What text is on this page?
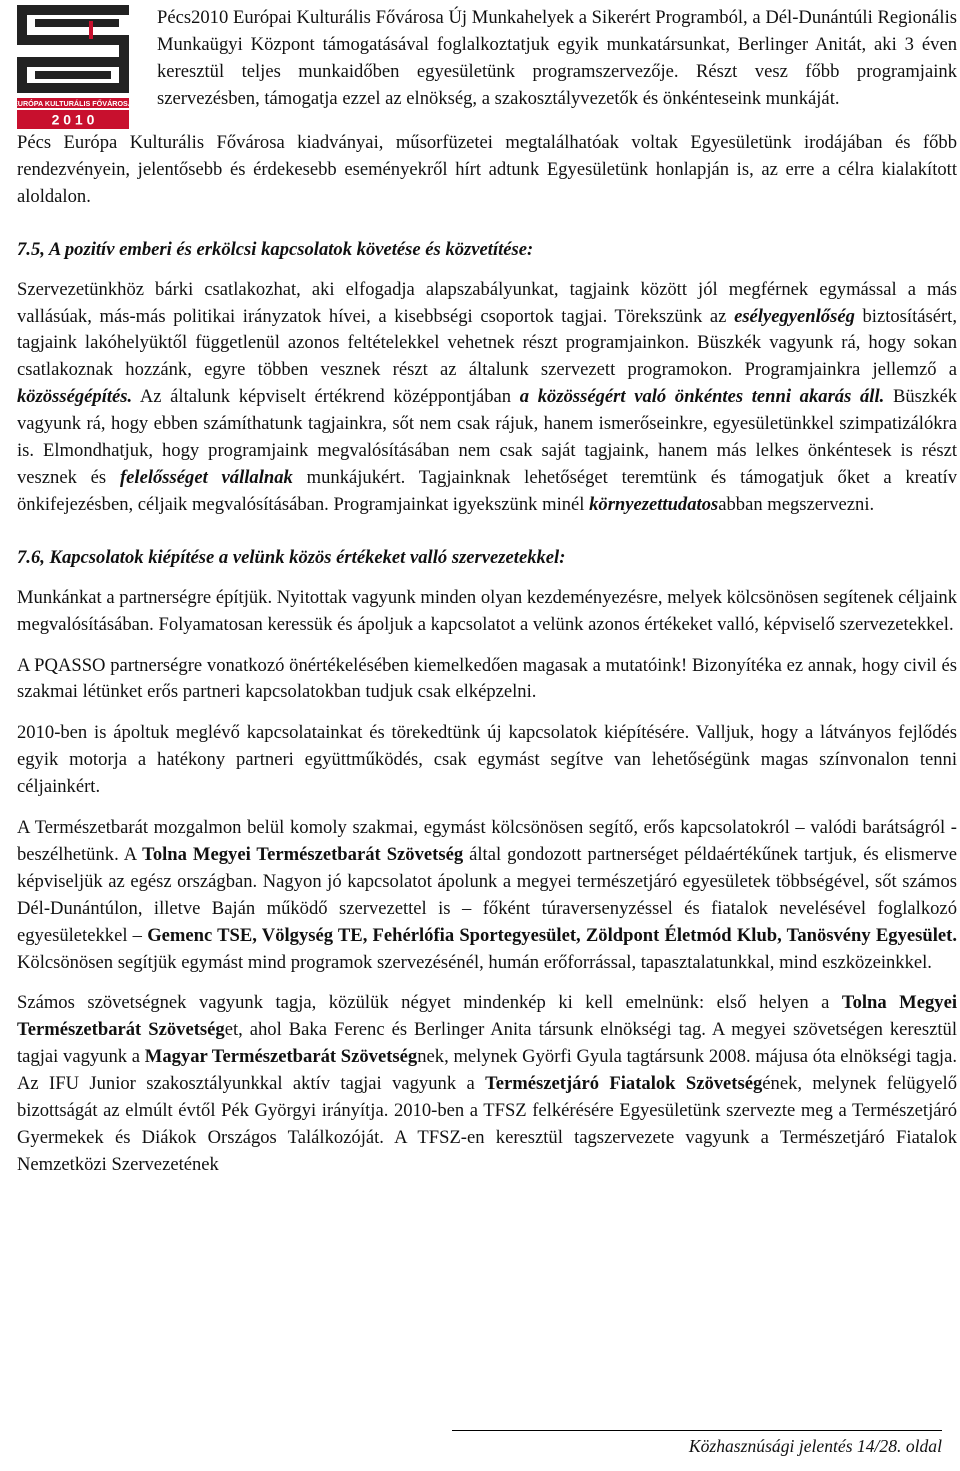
EURÓPA KULTURÁLIS FŐVÁROSA
2 0 1 0

Pécs2010 Európai Kulturális Fővárosa Új Munkahelyek a Sikerért Programból, a Dél-Dunántúli Regionális Munkaügyi Központ támogatásával foglalkoztatjuk egyik munkatársunkat, Berlinger Anitát, aki 3 éven keresztül teljes munkaidőben egyesületünk programszervezője. Részt vesz főbb programjaink szervezésben, támogatja ezzel az elnökség, a szakosztályvezetők és önkénteseink munkáját.

Pécs Európa Kulturális Fővárosa kiadványai, műsorfüzetei megtalálhatóak voltak Egyesületünk irodájában és főbb rendezvényein, jelentősebb és érdekesebb eseményekről hírt adtunk Egyesületünk honlapján is, az erre a célra kialakított aloldalon.

7.5, A pozitív emberi és erkölcsi kapcsolatok követése és közvetítése:

Szervezetünkhöz bárki csatlakozhat, aki elfogadja alapszabályunkat, tagjaink között jól megférnek egymással a más vallásúak, más-más politikai irányzatok hívei, a kisebbségi csoportok tagjai. Törekszünk az esélyegyenlőség biztosításért, tagjaink lakóhelyüktől függetlenül azonos feltételekkel vehetnek részt programjainkon. Büszkék vagyunk rá, hogy sokan csatlakoznak hozzánk, egyre többen vesznek részt az általunk szervezett programokon. Programjainkra jellemző a közösségépítés. Az általunk képviselt értékrend középpontjában a közösségért való önkéntes tenni akarás áll. Büszkék vagyunk rá, hogy ebben számíthatunk tagjainkra, sőt nem csak rájuk, hanem ismerőseinkre, egyesületünkkel szimpatizálókra is. Elmondhatjuk, hogy programjaink megvalósításában nem csak saját tagjaink, hanem más lelkes önkéntesek is részt vesznek és felelősséget vállalnak munkájukért. Tagjainknak lehetőséget teremtünk és támogatjuk őket a kreatív önkifejezésben, céljaik megvalósításában. Programjainkat igyekszünk minél környezettudatosabban megszervezni.

7.6, Kapcsolatok kiépítése a velünk közös értékeket valló szervezetekkel:

Munkánkat a partnerségre építjük. Nyitottak vagyunk minden olyan kezdeményezésre, melyek kölcsönösen segítenek céljaink megvalósításában. Folyamatosan keressük és ápoljuk a kapcsolatot a velünk azonos értékeket valló, képviselő szervezetekkel.

A PQASSO partnerségre vonatkozó önértékelésében kiemelkedően magasak a mutatóink! Bizonyítéka ez annak, hogy civil és szakmai létünket erős partneri kapcsolatokban tudjuk csak elképzelni.

2010-ben is ápoltuk meglévő kapcsolatainkat és törekedtünk új kapcsolatok kiépítésére. Valljuk, hogy a látványos fejlődés egyik motorja a hatékony partneri együttműködés, csak egymást segítve van lehetőségünk magas színvonalon tenni céljainkért.

A Természetbarát mozgalmon belül komoly szakmai, egymást kölcsönösen segítő, erős kapcsolatokról – valódi barátságról - beszélhetünk. A Tolna Megyei Természetbarát Szövetség által gondozott partnerséget példaértékűnek tartjuk, és elismerve képviseljük az egész országban. Nagyon jó kapcsolatot ápolunk a megyei természetjáró egyesületek többségével, sőt számos Dél-Dunántúlon, illetve Baján működő szervezettel is – főként túraversenyzéssel és fiatalok nevelésével foglalkozó egyesületekkel – Gemenc TSE, Völgység TE, Fehérlófia Sportegyesület, Zöldpont Életmód Klub, Tanösvény Egyesület. Kölcsönösen segítjük egymást mind programok szervezésénél, humán erőforrással, tapasztalatunkkal, mind eszközeinkkel.

Számos szövetségnek vagyunk tagja, közülük négyet mindenkép ki kell emelnünk: első helyen a Tolna Megyei Természetbarát Szövetséget, ahol Baka Ferenc és Berlinger Anita társunk elnökségi tag. A megyei szövetségen keresztül tagjai vagyunk a Magyar Természetbarát Szövetségnek, melynek Györfi Gyula tagtársunk 2008. májusa óta elnökségi tagja. Az IFU Junior szakosztályunkkal aktív tagjai vagyunk a Természetjáró Fiatalok Szövetségének, melynek felügyelő bizottságát az elmúlt évtől Pék Györgyi irányítja. 2010-ben a TFSZ felkérésére Egyesületünk szervezte meg a Természetjáró Gyermekek és Diákok Országos Találkozóját. A TFSZ-en keresztül tagszervezete vagyunk a Természetjáró Fiatalok Nemzetközi Szervezetének

Közhasznúsági jelentés 14/28. oldal
